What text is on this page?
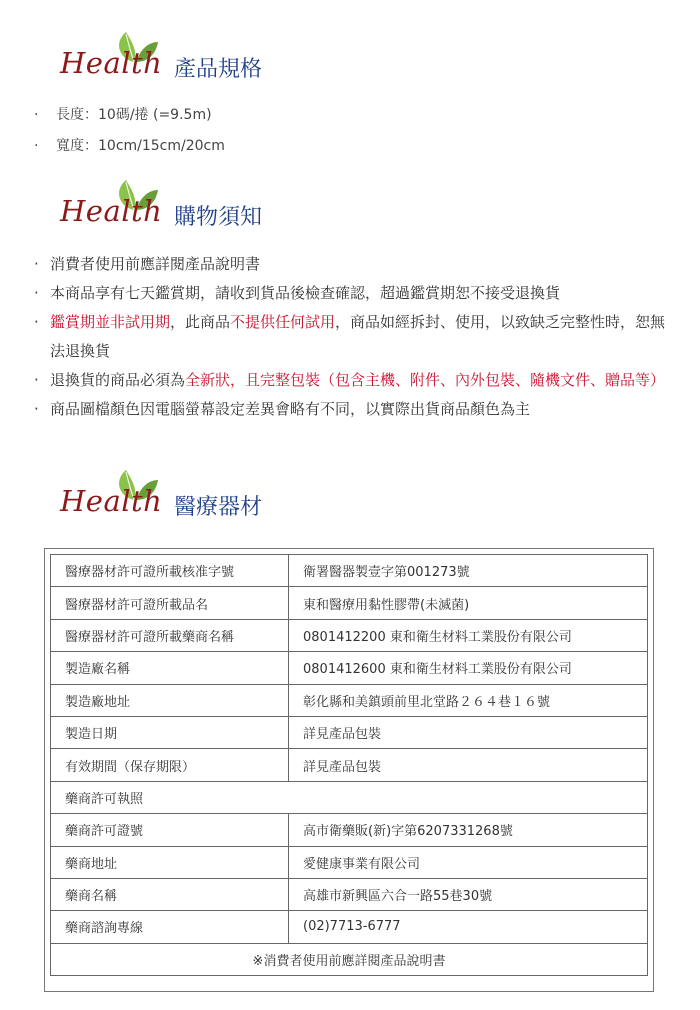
Health 產品規格
· 長度：10碼/捲 (=9.5m)
· 寬度：10cm/15cm/20cm
Health 購物須知
· 消費者使用前應詳閱產品說明書
· 本商品享有七天鑑賞期，請收到貨品後檢查確認，超過鑑賞期恕不接受退換貨
· 鑑賞期並非試用期，此商品不提供任何試用，商品如經拆封、使用，以致缺乏完整性時，恕無法退換貨
· 退換貨的商品必須為全新狀，且完整包裝（包含主機、附件、內外包裝、隨機文件、贈品等）
· 商品圖檔顏色因電腦螢幕設定差異會略有不同，以實際出貨商品顏色為主
Health 醫療器材
醫療器材許可證所載核准字號	衛署醫器製壹字第001273號
醫療器材許可證所載品名	東和醫療用黏性膠帶(未滅菌)
醫療器材許可證所載藥商名稱	0801412200 東和衛生材料工業股份有限公司
製造廠名稱	0801412600 東和衛生材料工業股份有限公司
製造廠地址	彰化縣和美鎮頭前里北堂路２６４巷１６號
製造日期	詳見產品包裝
有效期間（保存期限）	詳見產品包裝
藥商許可執照	
藥商許可證號	高市衛藥販(新)字第6207331268號
藥商地址	愛健康事業有限公司
藥商名稱	高雄市新興區六合一路55巷30號
藥商諮詢專線	(02)7713-6777
※消費者使用前應詳閱產品說明書	
